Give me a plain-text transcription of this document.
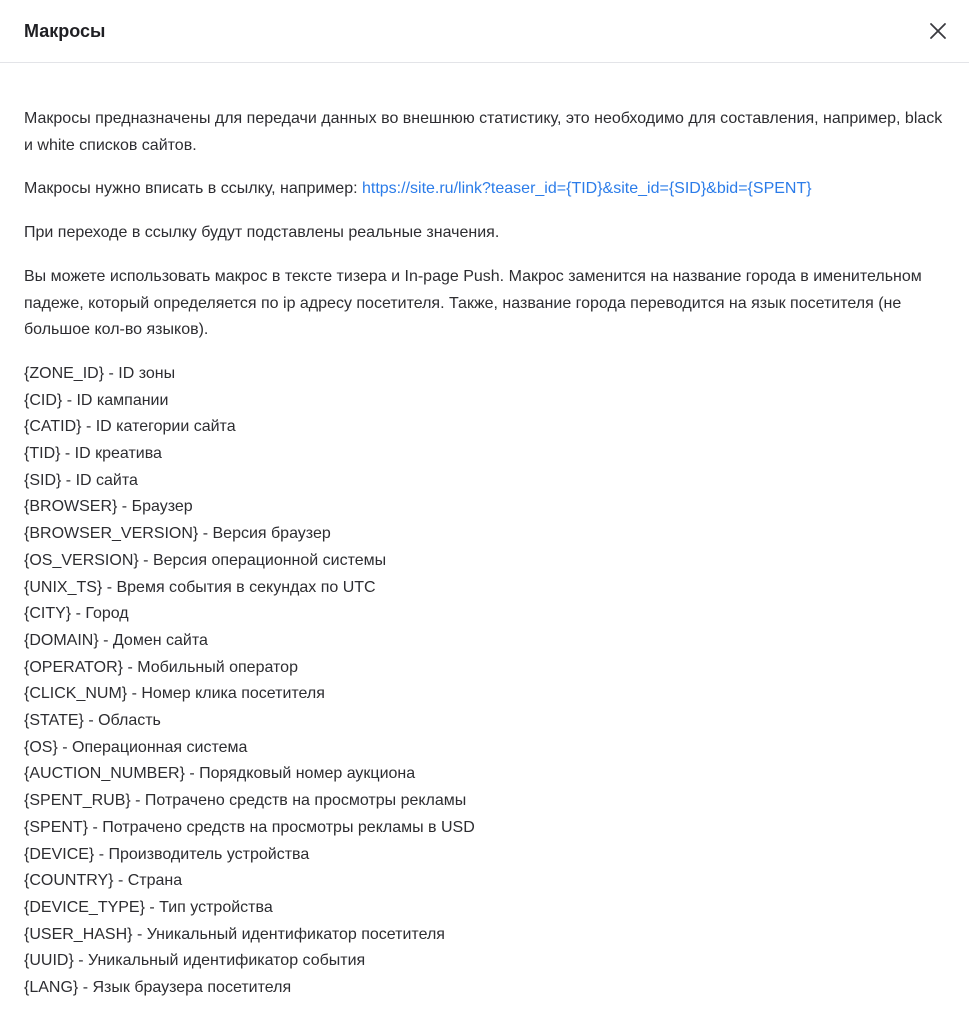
Макросы

Макросы предназначены для передачи данных во внешнюю статистику, это необходимо для составления, например, black и white списков сайтов.

Макросы нужно вписать в ссылку, например: https://site.ru/link?teaser_id={TID}&site_id={SID}&bid={SPENT}

При переходе в ссылку будут подставлены реальные значения.

Вы можете использовать макрос в тексте тизера и In-page Push. Макрос заменится на название города в именительном падеже, который определяется по ip адресу посетителя. Также, название города переводится на язык посетителя (не большое кол-во языков).

{ZONE_ID} - ID зоны
{CID} - ID кампании
{CATID} - ID категории сайта
{TID} - ID креатива
{SID} - ID сайта
{BROWSER} - Браузер
{BROWSER_VERSION} - Версия браузер
{OS_VERSION} - Версия операционной системы
{UNIX_TS} - Время события в секундах по UTC
{CITY} - Город
{DOMAIN} - Домен сайта
{OPERATOR} - Мобильный оператор
{CLICK_NUM} - Номер клика посетителя
{STATE} - Область
{OS} - Операционная система
{AUCTION_NUMBER} - Порядковый номер аукциона
{SPENT_RUB} - Потрачено средств на просмотры рекламы
{SPENT} - Потрачено средств на просмотры рекламы в USD
{DEVICE} - Производитель устройства
{COUNTRY} - Страна
{DEVICE_TYPE} - Тип устройства
{USER_HASH} - Уникальный идентификатор посетителя
{UUID} - Уникальный идентификатор события
{LANG} - Язык браузера посетителя
